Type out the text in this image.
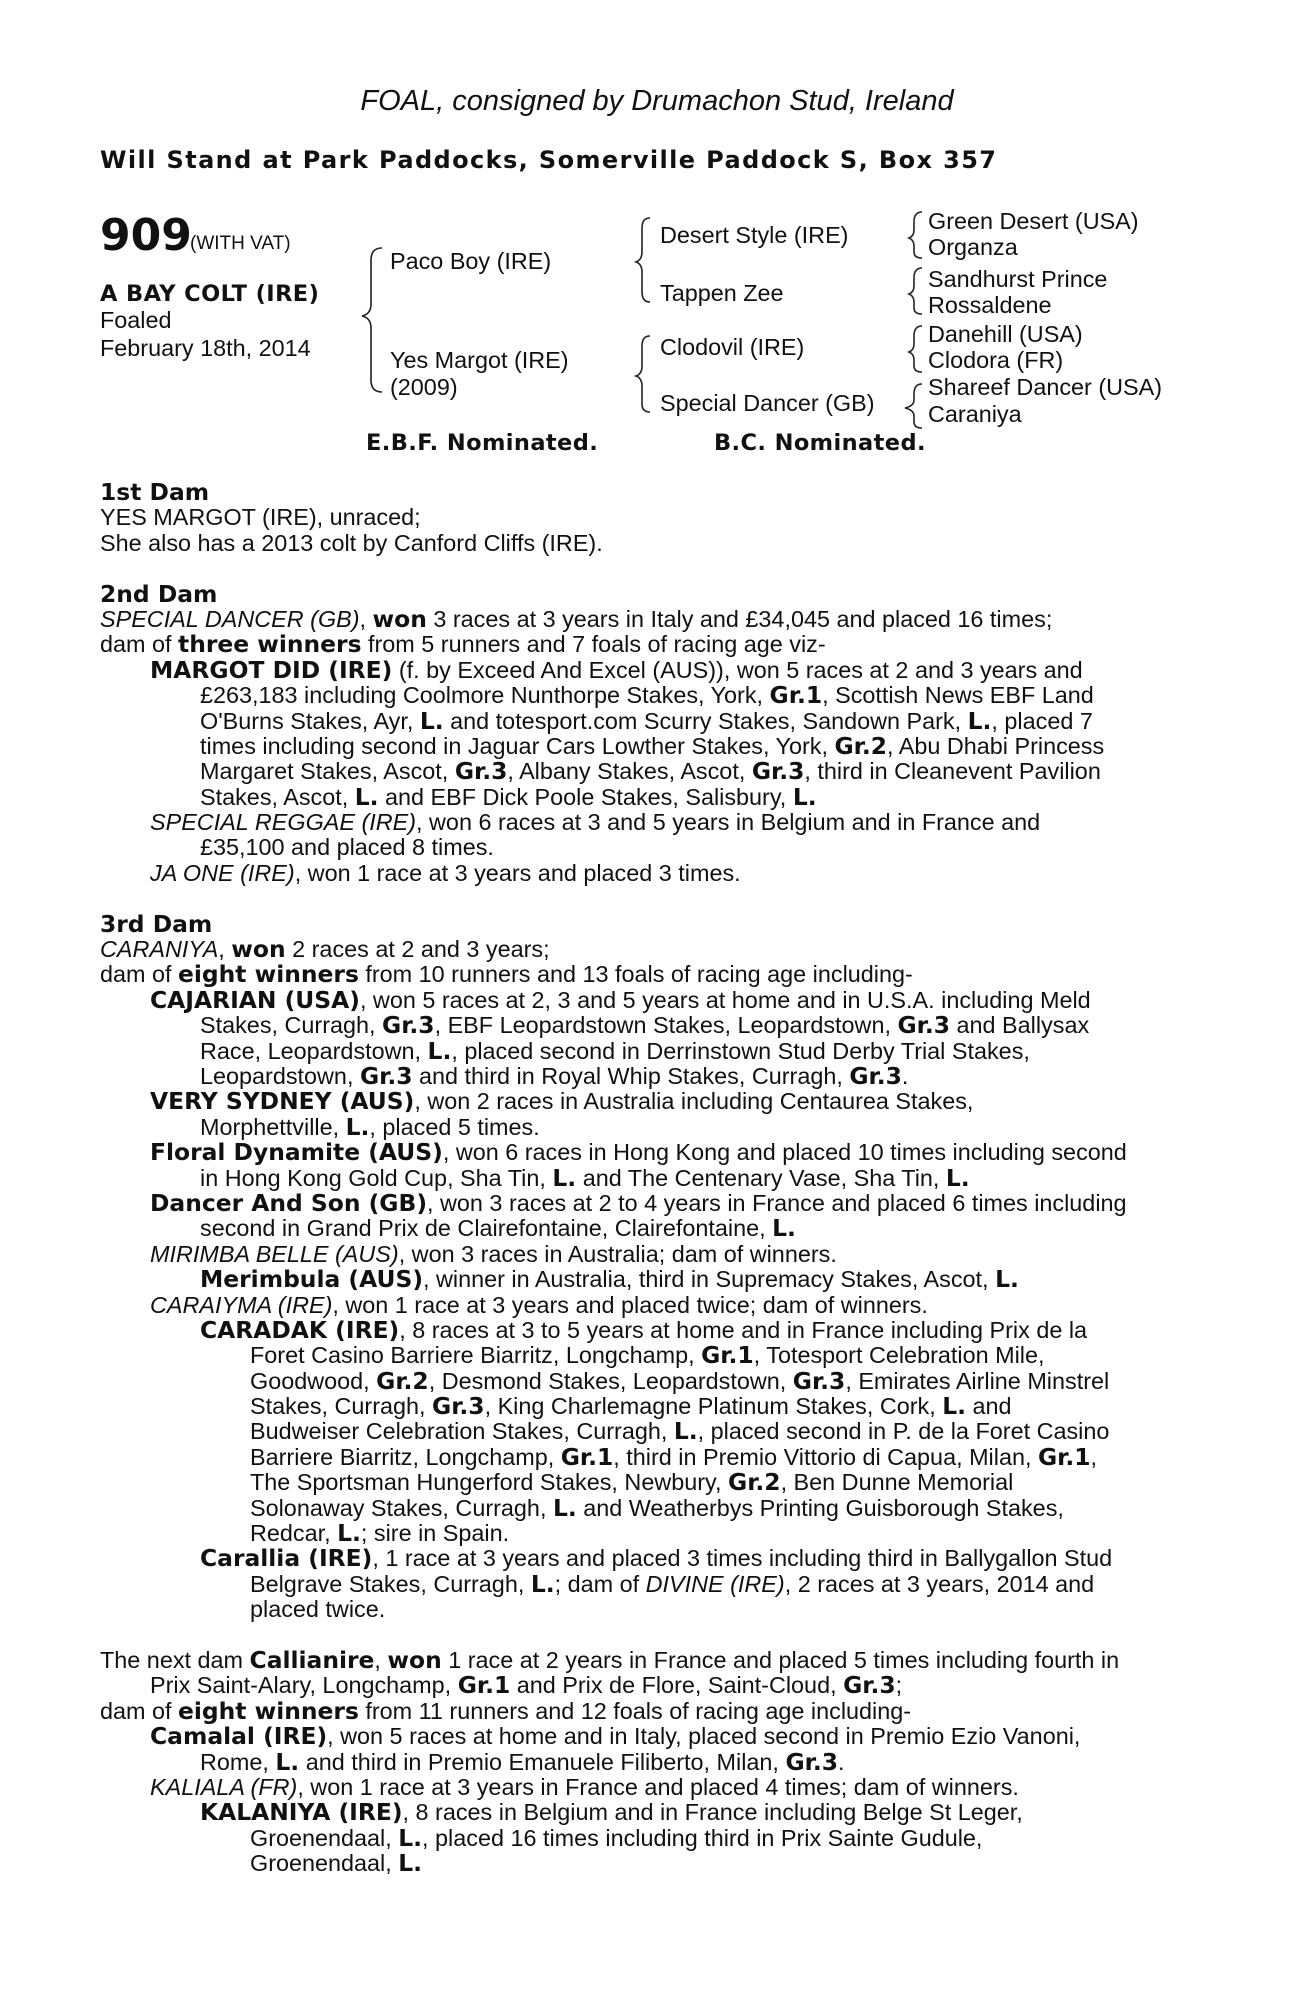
FOAL, consigned by Drumachon Stud, Ireland
Will Stand at Park Paddocks, Somerville Paddock S, Box 357
909
(WITH VAT)
A BAY COLT (IRE)
Foaled
February 18th, 2014
Paco Boy (IRE)
Yes Margot (IRE)
(2009)
Desert Style (IRE)
Tappen Zee
Clodovil (IRE)
Special Dancer (GB)
Green Desert (USA)
Organza
Sandhurst Prince
Rossaldene
Danehill (USA)
Clodora (FR)
Shareef Dancer (USA)
Caraniya
E.B.F. Nominated.	B.C. Nominated.
1st Dam
YES MARGOT (IRE), unraced;
She also has a 2013 colt by Canford Cliffs (IRE).
2nd Dam
SPECIAL DANCER (GB), won 3 races at 3 years in Italy and £34,045 and placed 16 times;
dam of three winners from 5 runners and 7 foals of racing age viz-
MARGOT DID (IRE) (f. by Exceed And Excel (AUS)), won 5 races at 2 and 3 years and
£263,183 including Coolmore Nunthorpe Stakes, York, Gr.1, Scottish News EBF Land
O'Burns Stakes, Ayr, L. and totesport.com Scurry Stakes, Sandown Park, L., placed 7
times including second in Jaguar Cars Lowther Stakes, York, Gr.2, Abu Dhabi Princess
Margaret Stakes, Ascot, Gr.3, Albany Stakes, Ascot, Gr.3, third in Cleanevent Pavilion
Stakes, Ascot, L. and EBF Dick Poole Stakes, Salisbury, L.
SPECIAL REGGAE (IRE), won 6 races at 3 and 5 years in Belgium and in France and
£35,100 and placed 8 times.
JA ONE (IRE), won 1 race at 3 years and placed 3 times.
3rd Dam
CARANIYA, won 2 races at 2 and 3 years;
dam of eight winners from 10 runners and 13 foals of racing age including-
CAJARIAN (USA), won 5 races at 2, 3 and 5 years at home and in U.S.A. including Meld
Stakes, Curragh, Gr.3, EBF Leopardstown Stakes, Leopardstown, Gr.3 and Ballysax
Race, Leopardstown, L., placed second in Derrinstown Stud Derby Trial Stakes,
Leopardstown, Gr.3 and third in Royal Whip Stakes, Curragh, Gr.3.
VERY SYDNEY (AUS), won 2 races in Australia including Centaurea Stakes,
Morphettville, L., placed 5 times.
Floral Dynamite (AUS), won 6 races in Hong Kong and placed 10 times including second
in Hong Kong Gold Cup, Sha Tin, L. and The Centenary Vase, Sha Tin, L.
Dancer And Son (GB), won 3 races at 2 to 4 years in France and placed 6 times including
second in Grand Prix de Clairefontaine, Clairefontaine, L.
MIRIMBA BELLE (AUS), won 3 races in Australia; dam of winners.
Merimbula (AUS), winner in Australia, third in Supremacy Stakes, Ascot, L.
CARAIYMA (IRE), won 1 race at 3 years and placed twice; dam of winners.
CARADAK (IRE), 8 races at 3 to 5 years at home and in France including Prix de la
Foret Casino Barriere Biarritz, Longchamp, Gr.1, Totesport Celebration Mile,
Goodwood, Gr.2, Desmond Stakes, Leopardstown, Gr.3, Emirates Airline Minstrel
Stakes, Curragh, Gr.3, King Charlemagne Platinum Stakes, Cork, L. and
Budweiser Celebration Stakes, Curragh, L., placed second in P. de la Foret Casino
Barriere Biarritz, Longchamp, Gr.1, third in Premio Vittorio di Capua, Milan, Gr.1,
The Sportsman Hungerford Stakes, Newbury, Gr.2, Ben Dunne Memorial
Solonaway Stakes, Curragh, L. and Weatherbys Printing Guisborough Stakes,
Redcar, L.; sire in Spain.
Carallia (IRE), 1 race at 3 years and placed 3 times including third in Ballygallon Stud
Belgrave Stakes, Curragh, L.; dam of DIVINE (IRE), 2 races at 3 years, 2014 and
placed twice.
The next dam Callianire, won 1 race at 2 years in France and placed 5 times including fourth in
Prix Saint-Alary, Longchamp, Gr.1 and Prix de Flore, Saint-Cloud, Gr.3;
dam of eight winners from 11 runners and 12 foals of racing age including-
Camalal (IRE), won 5 races at home and in Italy, placed second in Premio Ezio Vanoni,
Rome, L. and third in Premio Emanuele Filiberto, Milan, Gr.3.
KALIALA (FR), won 1 race at 3 years in France and placed 4 times; dam of winners.
KALANIYA (IRE), 8 races in Belgium and in France including Belge St Leger,
Groenendaal, L., placed 16 times including third in Prix Sainte Gudule,
Groenendaal, L.
